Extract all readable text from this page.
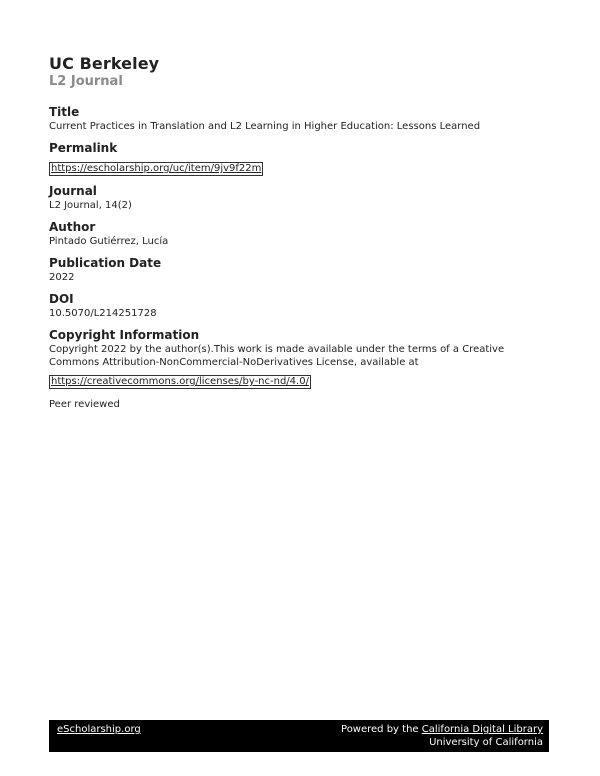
UC Berkeley
L2 Journal
Title
Current Practices in Translation and L2 Learning in Higher Education: Lessons Learned
Permalink
https://escholarship.org/uc/item/9jv9f22m
Journal
L2 Journal, 14(2)
Author
Pintado Gutiérrez, Lucía
Publication Date
2022
DOI
10.5070/L214251728
Copyright Information
Copyright 2022 by the author(s).This work is made available under the terms of a Creative
Commons Attribution-NonCommercial-NoDerivatives License, available at
https://creativecommons.org/licenses/by-nc-nd/4.0/
Peer reviewed
eScholarship.org	Powered by the California Digital Library
University of California
